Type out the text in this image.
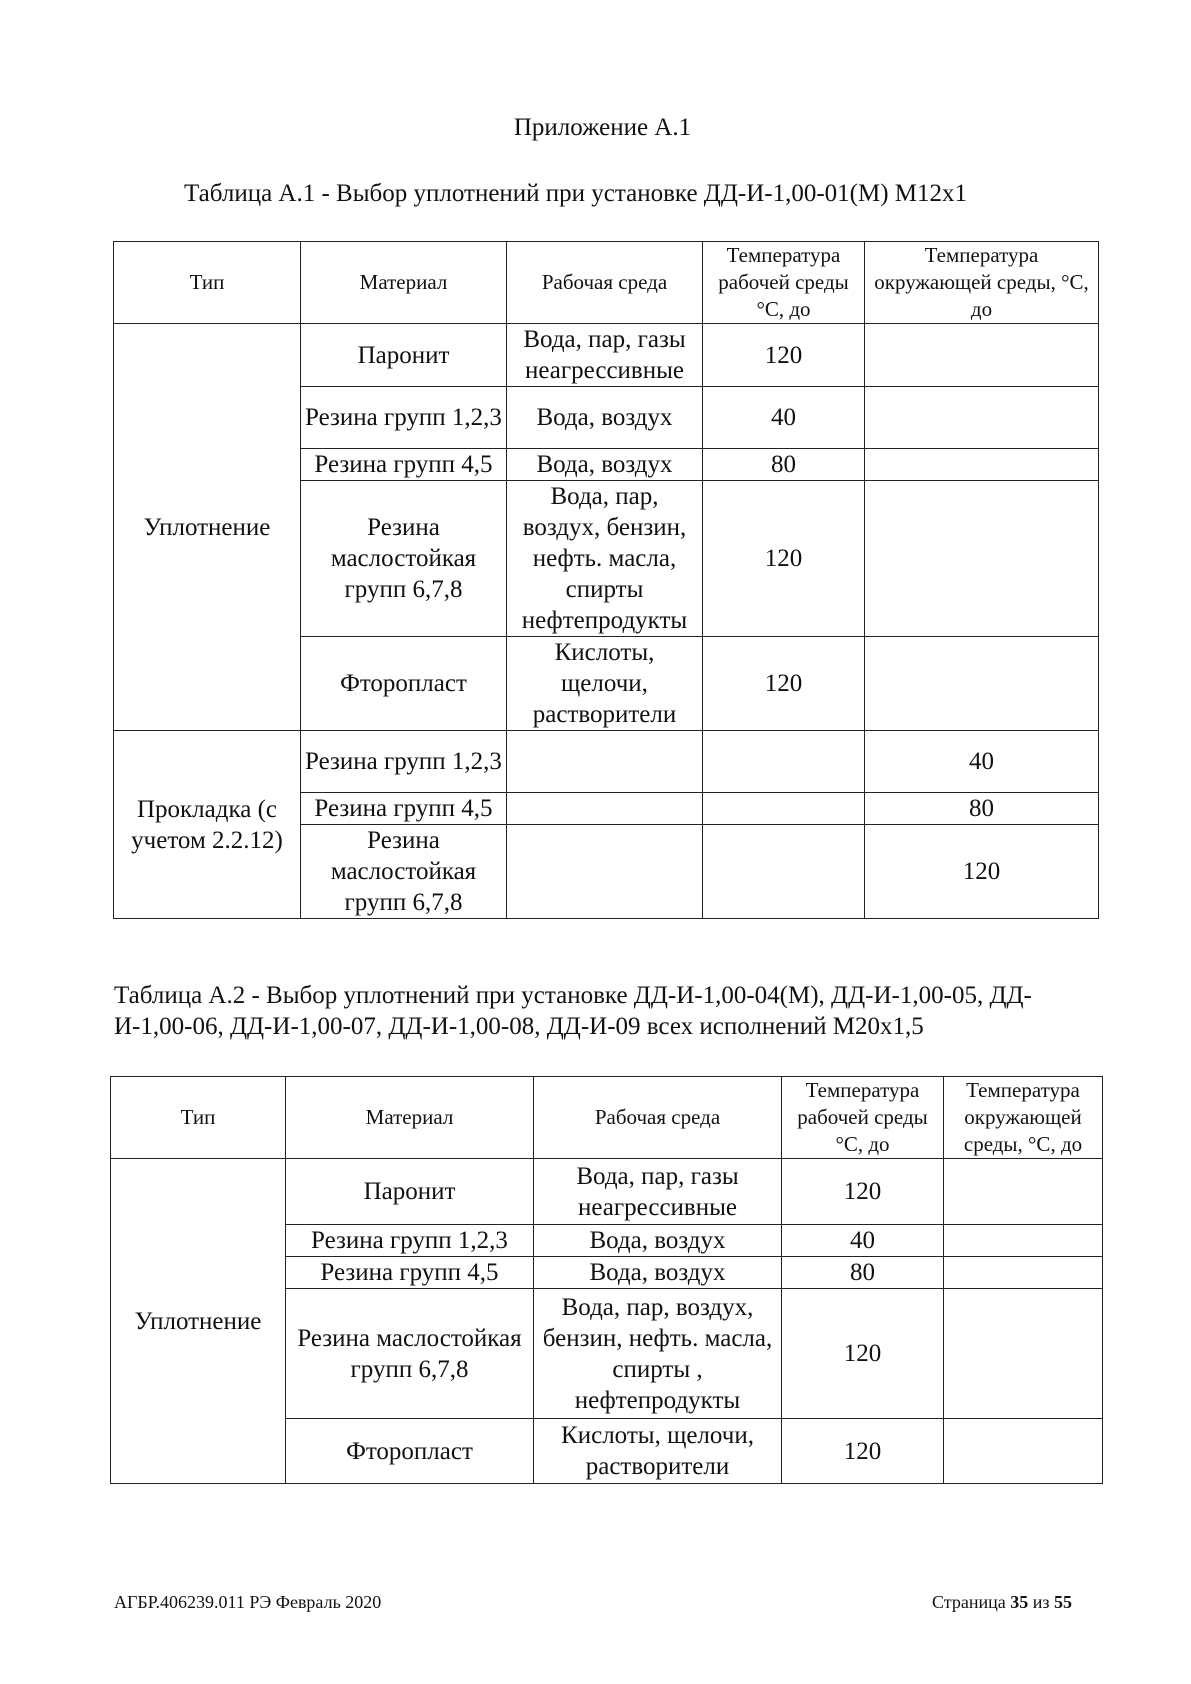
Приложение А.1

Таблица А.1 - Выбор уплотнений при установке ДД-И-1,00-01(М) М12х1

Тип	Материал	Рабочая среда	Температура рабочей среды °С, до	Температура окружающей среды, °С, до
Уплотнение	Паронит	Вода, пар, газы неагрессивные	120	
	Резина групп 1,2,3	Вода, воздух	40	
	Резина групп 4,5	Вода, воздух	80	
	Резина маслостойкая групп 6,7,8	Вода, пар, воздух, бензин, нефть. масла, спирты нефтепродукты	120	
	Фторопласт	Кислоты, щелочи, растворители	120	
Прокладка (с учетом 2.2.12)	Резина групп 1,2,3			40
	Резина групп 4,5			80
	Резина маслостойкая групп 6,7,8			120

Таблица А.2 - Выбор уплотнений при установке ДД-И-1,00-04(М), ДД-И-1,00-05, ДД-И-1,00-06, ДД-И-1,00-07, ДД-И-1,00-08, ДД-И-09 всех исполнений М20х1,5

Тип	Материал	Рабочая среда	Температура рабочей среды °С, до	Температура окружающей среды, °С, до
Уплотнение	Паронит	Вода, пар, газы неагрессивные	120	
	Резина групп 1,2,3	Вода, воздух	40	
	Резина групп 4,5	Вода, воздух	80	
	Резина маслостойкая групп 6,7,8	Вода, пар, воздух, бензин, нефть. масла, спирты , нефтепродукты	120	
	Фторопласт	Кислоты, щелочи, растворители	120	
АГБР.406239.011 РЭ Февраль 2020	Страница 35 из 55
